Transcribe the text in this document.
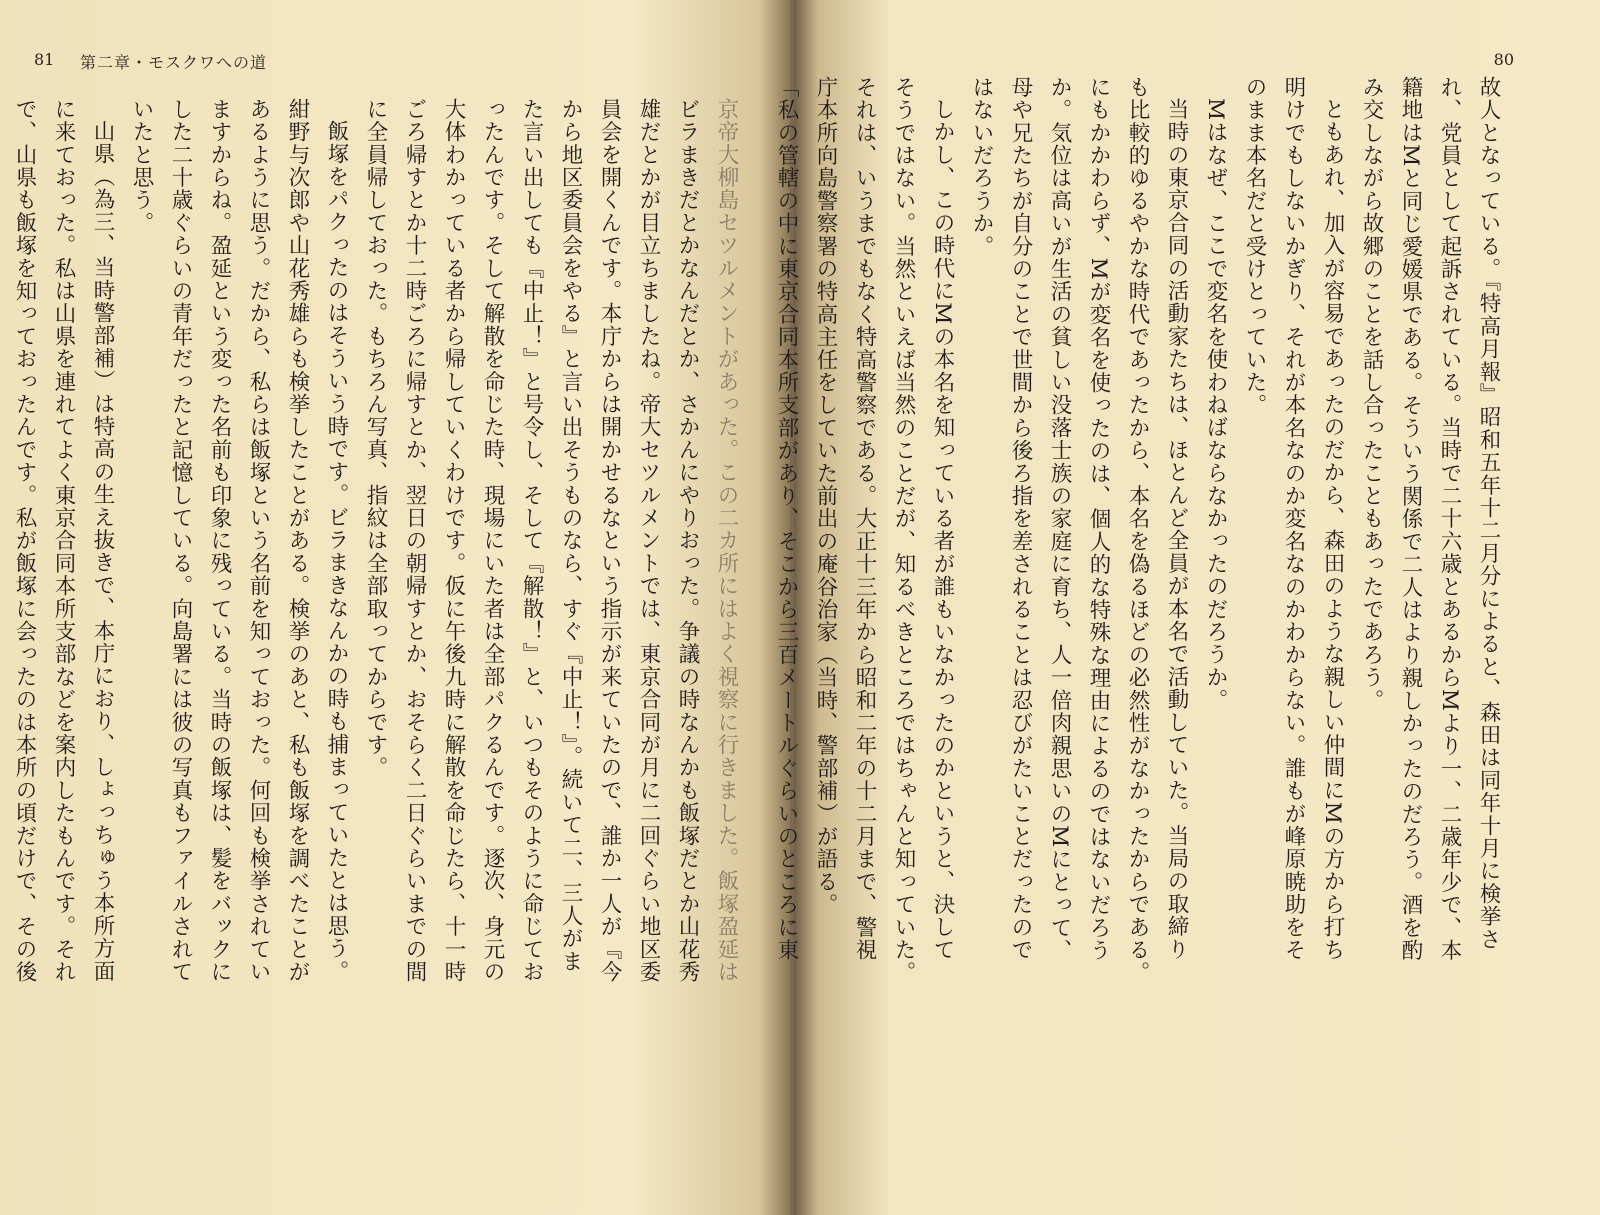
81 第二章・モスクワへの道
京帝大柳島セツルメントがあった。この二カ所にはよく視察に行きました。飯塚盈延は
ビラまきだとかなんだとか、さかんにやりおった。争議の時なんかも飯塚だとか山花秀
雄だとかが目立ちましたね。帝大セツルメントでは、東京合同が月に二回ぐらい地区委
員会を開くんです。本庁からは開かせるなという指示が来ていたので、誰か一人が『今
から地区委員会をやる』と言い出そうものなら、すぐ『中止！』。続いて二、三人がま
た言い出しても『中止！』と号令し、そして『解散！』と、いつもそのように命じてお
ったんです。そして解散を命じた時、現場にいた者は全部パクるんです。逐次、身元の
大体わかっている者から帰していくわけです。仮に午後九時に解散を命じたら、十一時
ごろ帰すとか十二時ごろに帰すとか、翌日の朝帰すとか、おそらく二日ぐらいまでの間
に全員帰しておった。もちろん写真、指紋は全部取ってからです。
飯塚をパクったのはそういう時です。ビラまきなんかの時も捕まっていたとは思う。
紺野与次郎や山花秀雄らも検挙したことがある。検挙のあと、私も飯塚を調べたことが
あるように思う。だから、私らは飯塚という名前を知っておった。何回も検挙されてい
ますからね。盈延という変った名前も印象に残っている。当時の飯塚は、髪をバックに
した二十歳ぐらいの青年だったと記憶している。向島署には彼の写真もファイルされて
いたと思う。
山県（為三、当時警部補）は特高の生え抜きで、本庁におり、しょっちゅう本所方面
に来ておった。私は山県を連れてよく東京合同本所支部などを案内したもんです。それ
で、山県も飯塚を知っておったんです。私が飯塚に会ったのは本所の頃だけで、その後
80
故人となっている。『特高月報』昭和五年十二月分によると、森田は同年十月に検挙さ
れ、党員として起訴されている。当時で二十六歳とあるからMより一、二歳年少で、本
籍地はMと同じ愛媛県である。そういう関係で二人はより親しかったのだろう。酒を酌
み交しながら故郷のことを話し合ったこともあったであろう。
ともあれ、加入が容易であったのだから、森田のような親しい仲間にMの方から打ち
明けでもしないかぎり、それが本名なのか変名なのかわからない。誰もが峰原暁助をそ
のまま本名だと受けとっていた。
Mはなぜ、ここで変名を使わねばならなかったのだろうか。
当時の東京合同の活動家たちは、ほとんど全員が本名で活動していた。当局の取締り
も比較的ゆるやかな時代であったから、本名を偽るほどの必然性がなかったからである。
にもかかわらず、Mが変名を使ったのは、個人的な特殊な理由によるのではないだろう
か。気位は高いが生活の貧しい没落士族の家庭に育ち、人一倍肉親思いのMにとって、
母や兄たちが自分のことで世間から後ろ指を差されることは忍びがたいことだったので
はないだろうか。
しかし、この時代にMの本名を知っている者が誰もいなかったのかというと、決して
そうではない。当然といえば当然のことだが、知るべきところではちゃんと知っていた。
それは、いうまでもなく特高警察である。大正十三年から昭和二年の十二月まで、警視
庁本所向島警察署の特高主任をしていた前出の庵谷治家（当時、警部補）が語る。
「私の管轄の中に東京合同本所支部があり、そこから三百メートルぐらいのところに東
